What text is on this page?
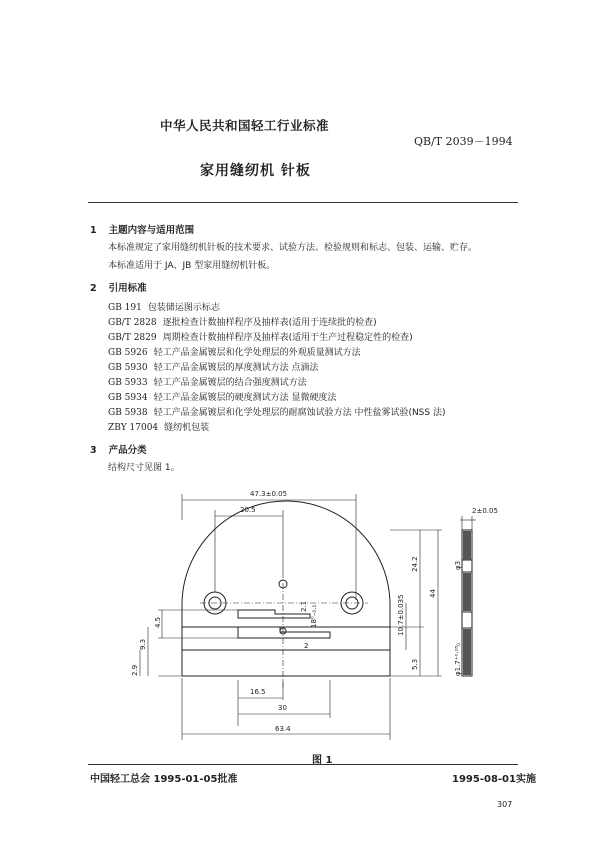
中华人民共和国轻工行业标准
QB/T 2039－1994
家用缝纫机 针板
1 主题内容与适用范围
本标准规定了家用缝纫机针板的技术要求、试验方法、检验规则和标志、包装、运输、贮存。
本标准适用于 JA、JB 型家用缝纫机针板。
2 引用标准
GB 191 包装储运图示标志
GB/T 2828 逐批检查计数抽样程序及抽样表(适用于连续批的检查)
GB/T 2829 周期检查计数抽样程序及抽样表(适用于生产过程稳定性的检查)
GB 5926 轻工产品金属镀层和化学处理层的外观质量测试方法
GB 5930 轻工产品金属镀层的厚度测试方法 点滴法
GB 5933 轻工产品金属镀层的结合强度测试方法
GB 5934 轻工产品金属镀层的硬度测试方法 显微硬度法
GB 5938 轻工产品金属镀层和化学处理层的耐腐蚀试验方法 中性盐雾试验(NSS 法)
ZBY 17004 缝纫机包装
3 产品分类
结构尺寸见图 1。
47.3±0.05
20.5	2±0.05
2
16.5
30
63.4
24.2
44
10.7±0.035
5.3
2.1 18⁰₋₀.₁
4.5
9.3
2.9
φ3
φ1.7⁺⁰·¹⁸₀
图 1
中国轻工总会 1995-01-05批准	1995-08-01实施
307
